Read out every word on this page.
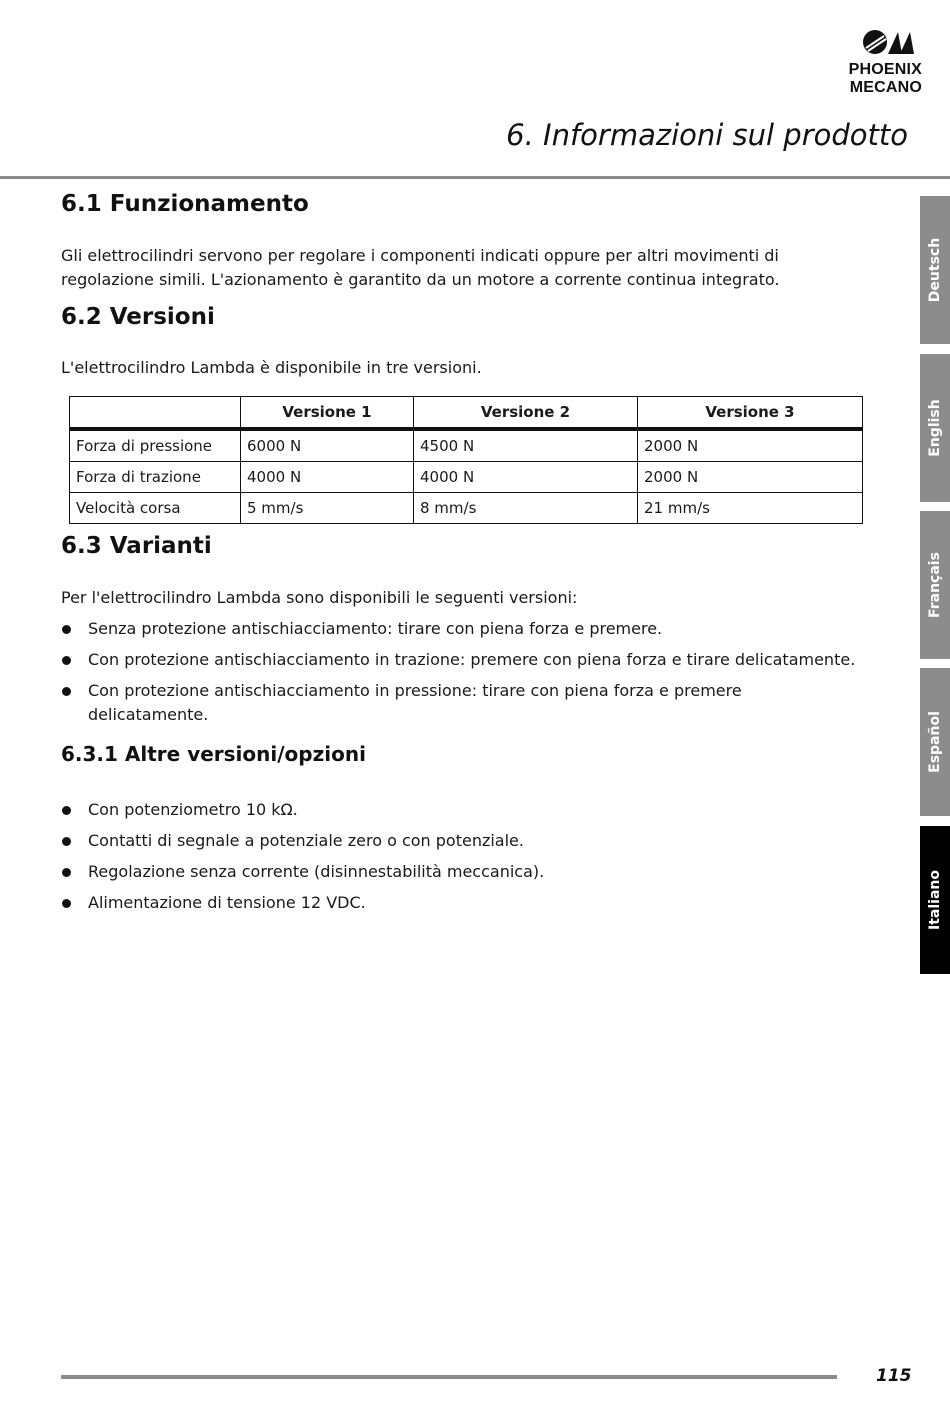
PHOENIX
MECANO
6. Informazioni sul prodotto
Deutsch
English
Français
Español
Italiano
6.1 Funzionamento

Gli elettrocilindri servono per regolare i componenti indicati oppure per altri movimenti di regolazione simili. L'azionamento è garantito da un motore a corrente continua integrato.

6.2 Versioni

L'elettrocilindro Lambda è disponibile in tre versioni.

	Versione 1	Versione 2	Versione 3
Forza di pressione	6000 N	4500 N	2000 N
Forza di trazione	4000 N	4000 N	2000 N
Velocità corsa	5 mm/s	8 mm/s	21 mm/s
6.3 Varianti

Per l'elettrocilindro Lambda sono disponibili le seguenti versioni:

Senza protezione antischiacciamento: tirare con piena forza e premere.
Con protezione antischiacciamento in trazione: premere con piena forza e tirare delicatamente.
Con protezione antischiacciamento in pressione: tirare con piena forza e premere delicatamente.
6.3.1 Altre versioni/opzioni
Con potenziometro 10 kΩ.
Contatti di segnale a potenziale zero o con potenziale.
Regolazione senza corrente (disinnestabilità meccanica).
Alimentazione di tensione 12 VDC.
115
